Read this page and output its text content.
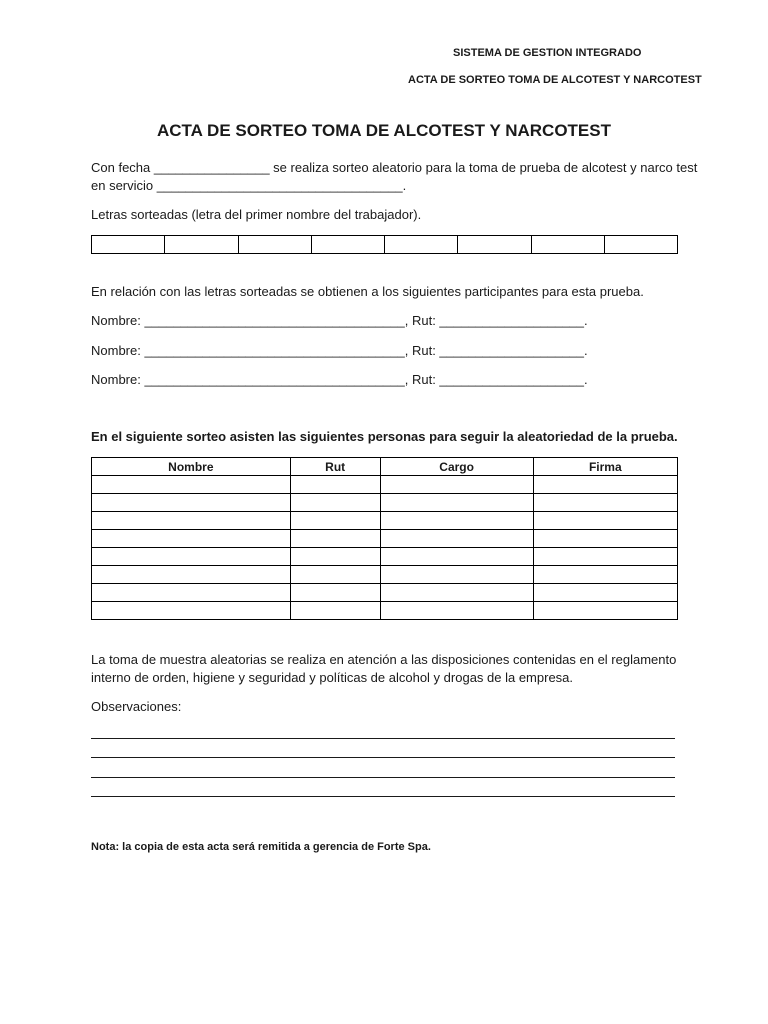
SISTEMA DE GESTION INTEGRADO
ACTA DE SORTEO TOMA DE ALCOTEST Y NARCOTEST
ACTA DE SORTEO TOMA DE ALCOTEST Y NARCOTEST
Con fecha ________________ se realiza sorteo aleatorio para la toma de prueba de alcotest y narco test
en servicio __________________________________.
Letras sorteadas (letra del primer nombre del trabajador).

En relación con las letras sorteadas se obtienen a los siguientes participantes para esta prueba.
Nombre: ____________________________________, Rut: ____________________.
Nombre: ____________________________________, Rut: ____________________.
Nombre: ____________________________________, Rut: ____________________.
En el siguiente sorteo asisten las siguientes personas para seguir la aleatoriedad de la prueba.
Nombre	Rut	Cargo	Firma

La toma de muestra aleatorias se realiza en atención a las disposiciones contenidas en el reglamento
interno de orden, higiene y seguridad y políticas de alcohol y drogas de la empresa.
Observaciones:
Nota: la copia de esta acta será remitida a gerencia de Forte Spa.
